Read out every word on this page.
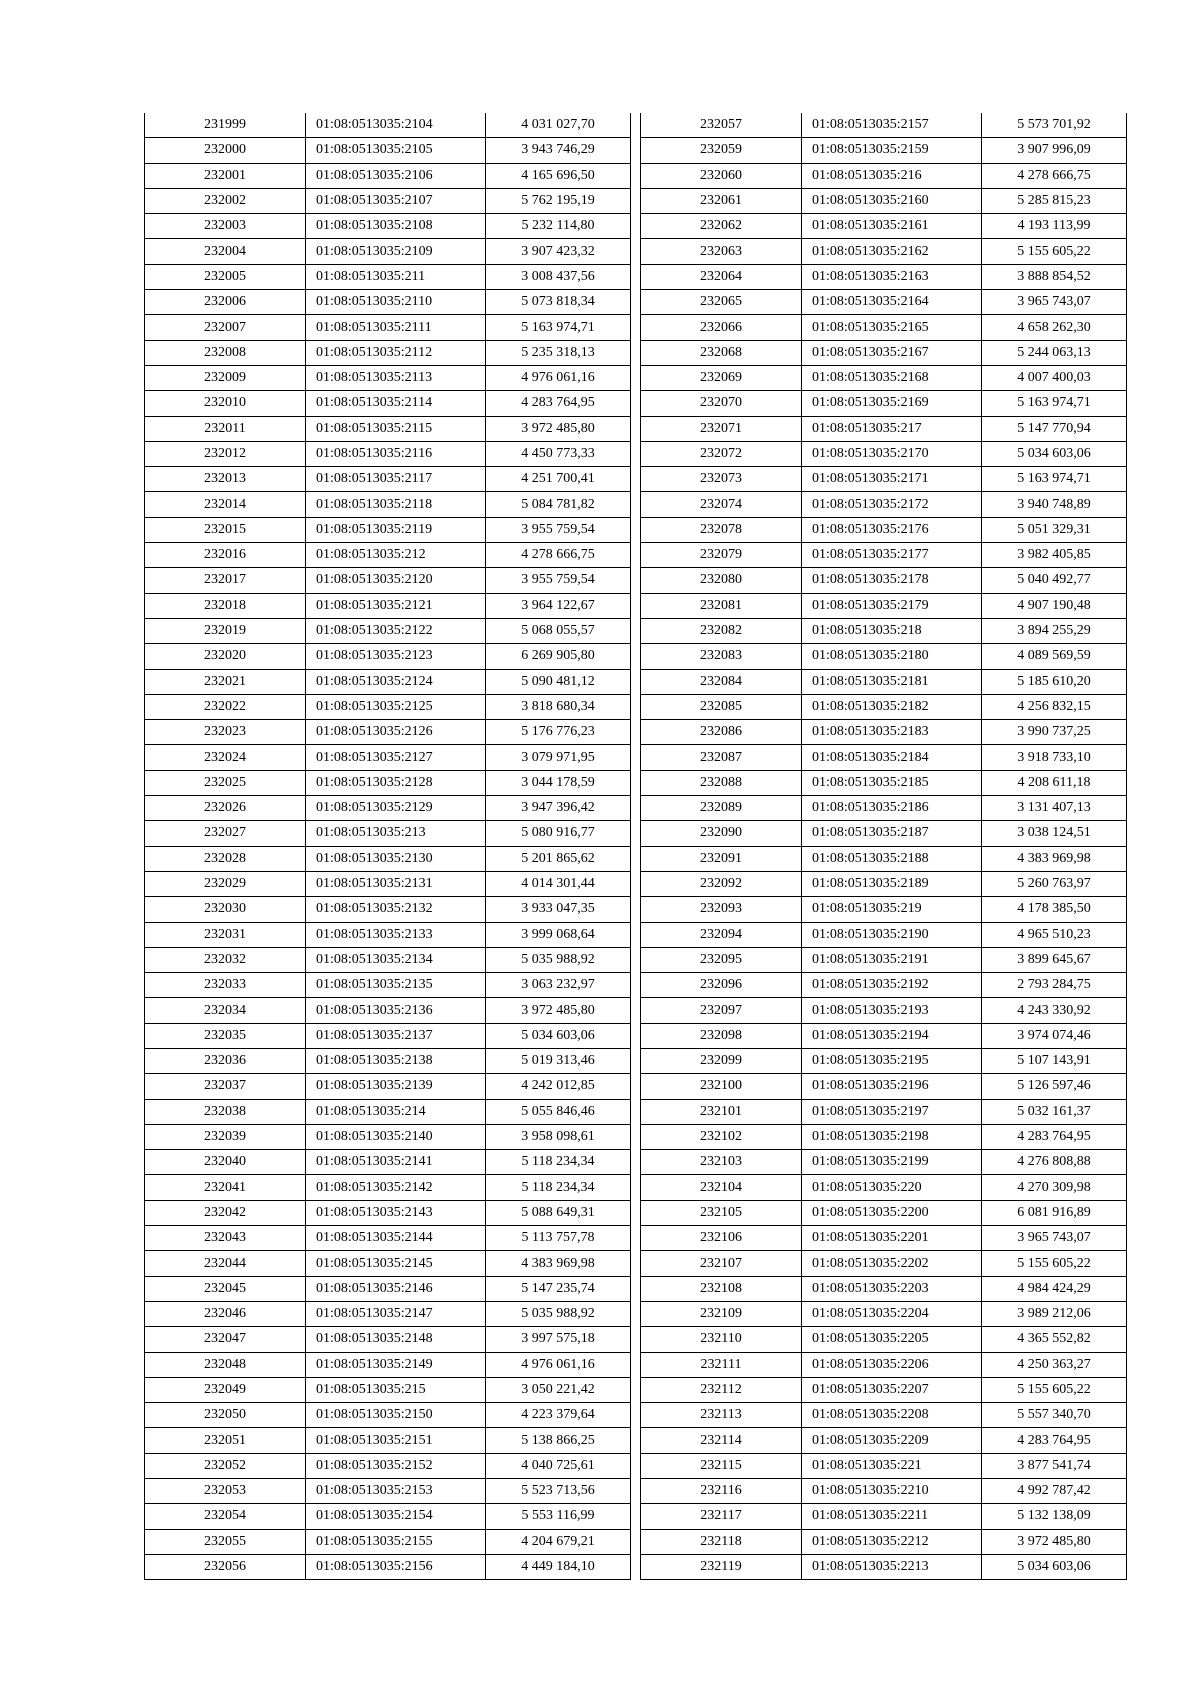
231999	01:08:0513035:2104	4 031 027,70
232000	01:08:0513035:2105	3 943 746,29
232001	01:08:0513035:2106	4 165 696,50
232002	01:08:0513035:2107	5 762 195,19
232003	01:08:0513035:2108	5 232 114,80
232004	01:08:0513035:2109	3 907 423,32
232005	01:08:0513035:211	3 008 437,56
232006	01:08:0513035:2110	5 073 818,34
232007	01:08:0513035:2111	5 163 974,71
232008	01:08:0513035:2112	5 235 318,13
232009	01:08:0513035:2113	4 976 061,16
232010	01:08:0513035:2114	4 283 764,95
232011	01:08:0513035:2115	3 972 485,80
232012	01:08:0513035:2116	4 450 773,33
232013	01:08:0513035:2117	4 251 700,41
232014	01:08:0513035:2118	5 084 781,82
232015	01:08:0513035:2119	3 955 759,54
232016	01:08:0513035:212	4 278 666,75
232017	01:08:0513035:2120	3 955 759,54
232018	01:08:0513035:2121	3 964 122,67
232019	01:08:0513035:2122	5 068 055,57
232020	01:08:0513035:2123	6 269 905,80
232021	01:08:0513035:2124	5 090 481,12
232022	01:08:0513035:2125	3 818 680,34
232023	01:08:0513035:2126	5 176 776,23
232024	01:08:0513035:2127	3 079 971,95
232025	01:08:0513035:2128	3 044 178,59
232026	01:08:0513035:2129	3 947 396,42
232027	01:08:0513035:213	5 080 916,77
232028	01:08:0513035:2130	5 201 865,62
232029	01:08:0513035:2131	4 014 301,44
232030	01:08:0513035:2132	3 933 047,35
232031	01:08:0513035:2133	3 999 068,64
232032	01:08:0513035:2134	5 035 988,92
232033	01:08:0513035:2135	3 063 232,97
232034	01:08:0513035:2136	3 972 485,80
232035	01:08:0513035:2137	5 034 603,06
232036	01:08:0513035:2138	5 019 313,46
232037	01:08:0513035:2139	4 242 012,85
232038	01:08:0513035:214	5 055 846,46
232039	01:08:0513035:2140	3 958 098,61
232040	01:08:0513035:2141	5 118 234,34
232041	01:08:0513035:2142	5 118 234,34
232042	01:08:0513035:2143	5 088 649,31
232043	01:08:0513035:2144	5 113 757,78
232044	01:08:0513035:2145	4 383 969,98
232045	01:08:0513035:2146	5 147 235,74
232046	01:08:0513035:2147	5 035 988,92
232047	01:08:0513035:2148	3 997 575,18
232048	01:08:0513035:2149	4 976 061,16
232049	01:08:0513035:215	3 050 221,42
232050	01:08:0513035:2150	4 223 379,64
232051	01:08:0513035:2151	5 138 866,25
232052	01:08:0513035:2152	4 040 725,61
232053	01:08:0513035:2153	5 523 713,56
232054	01:08:0513035:2154	5 553 116,99
232055	01:08:0513035:2155	4 204 679,21
232056	01:08:0513035:2156	4 449 184,10
232057	01:08:0513035:2157	5 573 701,92
232059	01:08:0513035:2159	3 907 996,09
232060	01:08:0513035:216	4 278 666,75
232061	01:08:0513035:2160	5 285 815,23
232062	01:08:0513035:2161	4 193 113,99
232063	01:08:0513035:2162	5 155 605,22
232064	01:08:0513035:2163	3 888 854,52
232065	01:08:0513035:2164	3 965 743,07
232066	01:08:0513035:2165	4 658 262,30
232068	01:08:0513035:2167	5 244 063,13
232069	01:08:0513035:2168	4 007 400,03
232070	01:08:0513035:2169	5 163 974,71
232071	01:08:0513035:217	5 147 770,94
232072	01:08:0513035:2170	5 034 603,06
232073	01:08:0513035:2171	5 163 974,71
232074	01:08:0513035:2172	3 940 748,89
232078	01:08:0513035:2176	5 051 329,31
232079	01:08:0513035:2177	3 982 405,85
232080	01:08:0513035:2178	5 040 492,77
232081	01:08:0513035:2179	4 907 190,48
232082	01:08:0513035:218	3 894 255,29
232083	01:08:0513035:2180	4 089 569,59
232084	01:08:0513035:2181	5 185 610,20
232085	01:08:0513035:2182	4 256 832,15
232086	01:08:0513035:2183	3 990 737,25
232087	01:08:0513035:2184	3 918 733,10
232088	01:08:0513035:2185	4 208 611,18
232089	01:08:0513035:2186	3 131 407,13
232090	01:08:0513035:2187	3 038 124,51
232091	01:08:0513035:2188	4 383 969,98
232092	01:08:0513035:2189	5 260 763,97
232093	01:08:0513035:219	4 178 385,50
232094	01:08:0513035:2190	4 965 510,23
232095	01:08:0513035:2191	3 899 645,67
232096	01:08:0513035:2192	2 793 284,75
232097	01:08:0513035:2193	4 243 330,92
232098	01:08:0513035:2194	3 974 074,46
232099	01:08:0513035:2195	5 107 143,91
232100	01:08:0513035:2196	5 126 597,46
232101	01:08:0513035:2197	5 032 161,37
232102	01:08:0513035:2198	4 283 764,95
232103	01:08:0513035:2199	4 276 808,88
232104	01:08:0513035:220	4 270 309,98
232105	01:08:0513035:2200	6 081 916,89
232106	01:08:0513035:2201	3 965 743,07
232107	01:08:0513035:2202	5 155 605,22
232108	01:08:0513035:2203	4 984 424,29
232109	01:08:0513035:2204	3 989 212,06
232110	01:08:0513035:2205	4 365 552,82
232111	01:08:0513035:2206	4 250 363,27
232112	01:08:0513035:2207	5 155 605,22
232113	01:08:0513035:2208	5 557 340,70
232114	01:08:0513035:2209	4 283 764,95
232115	01:08:0513035:221	3 877 541,74
232116	01:08:0513035:2210	4 992 787,42
232117	01:08:0513035:2211	5 132 138,09
232118	01:08:0513035:2212	3 972 485,80
232119	01:08:0513035:2213	5 034 603,06
